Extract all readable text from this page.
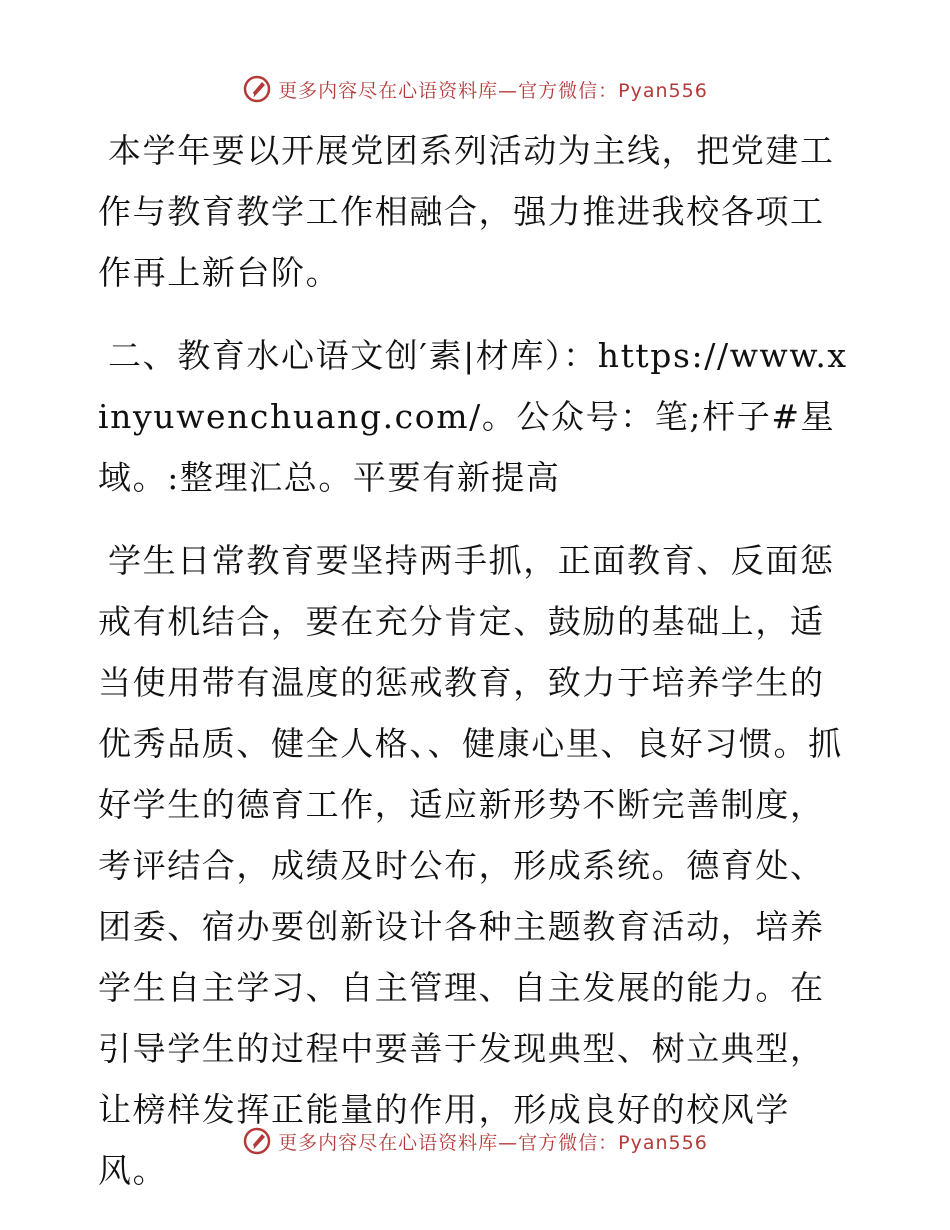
更多内容尽在心语资料库—官方微信：Pyan556

本学年要以开展党团系列活动为主线，把党建工作与教育教学工作相融合，强力推进我校各项工作再上新台阶。

二、教育水心语文创′素|材库）：https://www.xinyuwenchuang.com/。公众号：笔;杆子#星域。:整理汇总。平要有新提高

学生日常教育要坚持两手抓，正面教育、反面惩戒有机结合，要在充分肯定、鼓励的基础上，适当使用带有温度的惩戒教育，致力于培养学生的优秀品质、健全人格、、健康心里、良好习惯。抓好学生的德育工作，适应新形势不断完善制度，考评结合，成绩及时公布，形成系统。德育处、团委、宿办要创新设计各种主题教育活动，培养学生自主学习、自主管理、自主发展的能力。在引导学生的过程中要善于发现典型、树立典型，让榜样发挥正能量的作用，形成良好的校风学风。

更多内容尽在心语资料库—官方微信：Pyan556
